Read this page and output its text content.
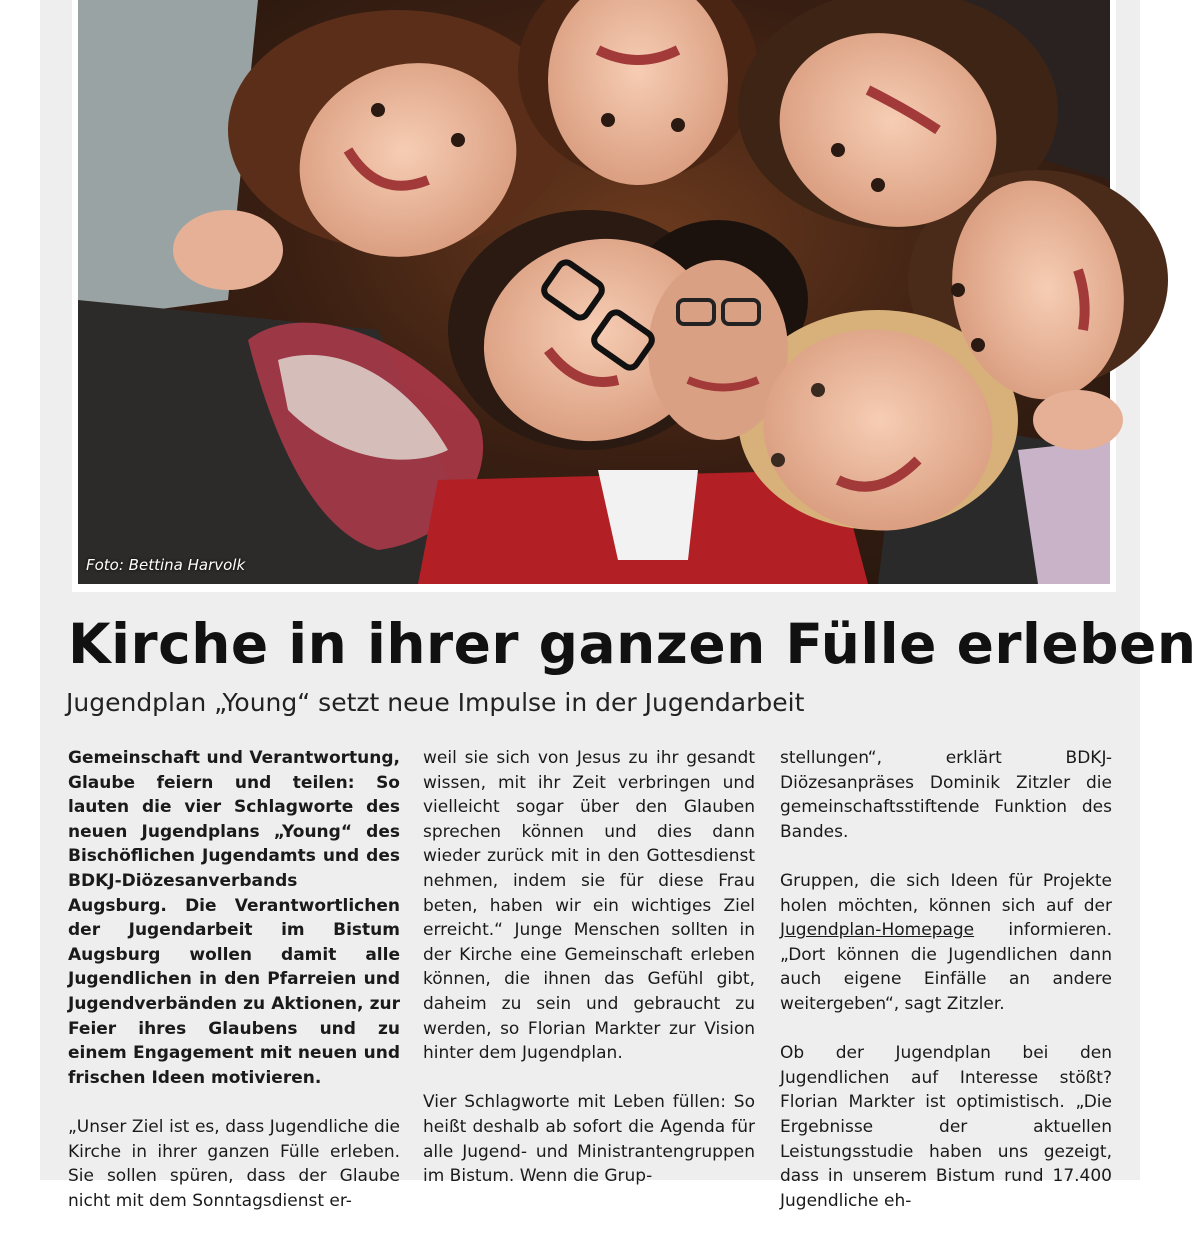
Foto: Bettina Harvolk
Kirche in ihrer ganzen Fülle erleben
Jugendplan „Young“ setzt neue Impulse in der Jugendarbeit

Gemeinschaft und Verantwortung, Glaube feiern und teilen: So lauten die vier Schlagworte des neuen Jugendplans „Young“ des Bischöflichen Jugendamts und des BDKJ-Diözesanverbands Augsburg. Die Verantwortlichen der Jugendarbeit im Bistum Augsburg wollen damit alle Jugendlichen in den Pfarreien und Jugendverbänden zu Aktionen, zur Feier ihres Glaubens und zu einem Engagement mit neuen und frischen Ideen motivieren.

„Unser Ziel ist es, dass Jugendliche die Kirche in ihrer ganzen Fülle erleben. Sie sollen spüren, dass der Glaube nicht mit dem Sonntagsdienst er-

weil sie sich von Jesus zu ihr gesandt wissen, mit ihr Zeit verbringen und vielleicht sogar über den Glauben sprechen können und dies dann wieder zurück mit in den Gottesdienst nehmen, indem sie für diese Frau beten, haben wir ein wichtiges Ziel erreicht.“ Junge Menschen sollten in der Kirche eine Gemeinschaft erleben können, die ihnen das Gefühl gibt, daheim zu sein und gebraucht zu werden, so Florian Markter zur Vision hinter dem Jugendplan.

Vier Schlagworte mit Leben füllen: So heißt deshalb ab sofort die Agenda für alle Jugend- und Ministrantengruppen im Bistum. Wenn die Grup-

stellungen“, erklärt BDKJ-Diözesanpräses Dominik Zitzler die gemeinschaftsstiftende Funktion des Bandes.

Gruppen, die sich Ideen für Projekte holen möchten, können sich auf der Jugendplan-Homepage informieren. „Dort können die Jugendlichen dann auch eigene Einfälle an andere weitergeben“, sagt Zitzler.

Ob der Jugendplan bei den Jugendlichen auf Interesse stößt? Florian Markter ist optimistisch. „Die Ergebnisse der aktuellen Leistungsstudie haben uns gezeigt, dass in unserem Bistum rund 17.400 Jugendliche eh-
